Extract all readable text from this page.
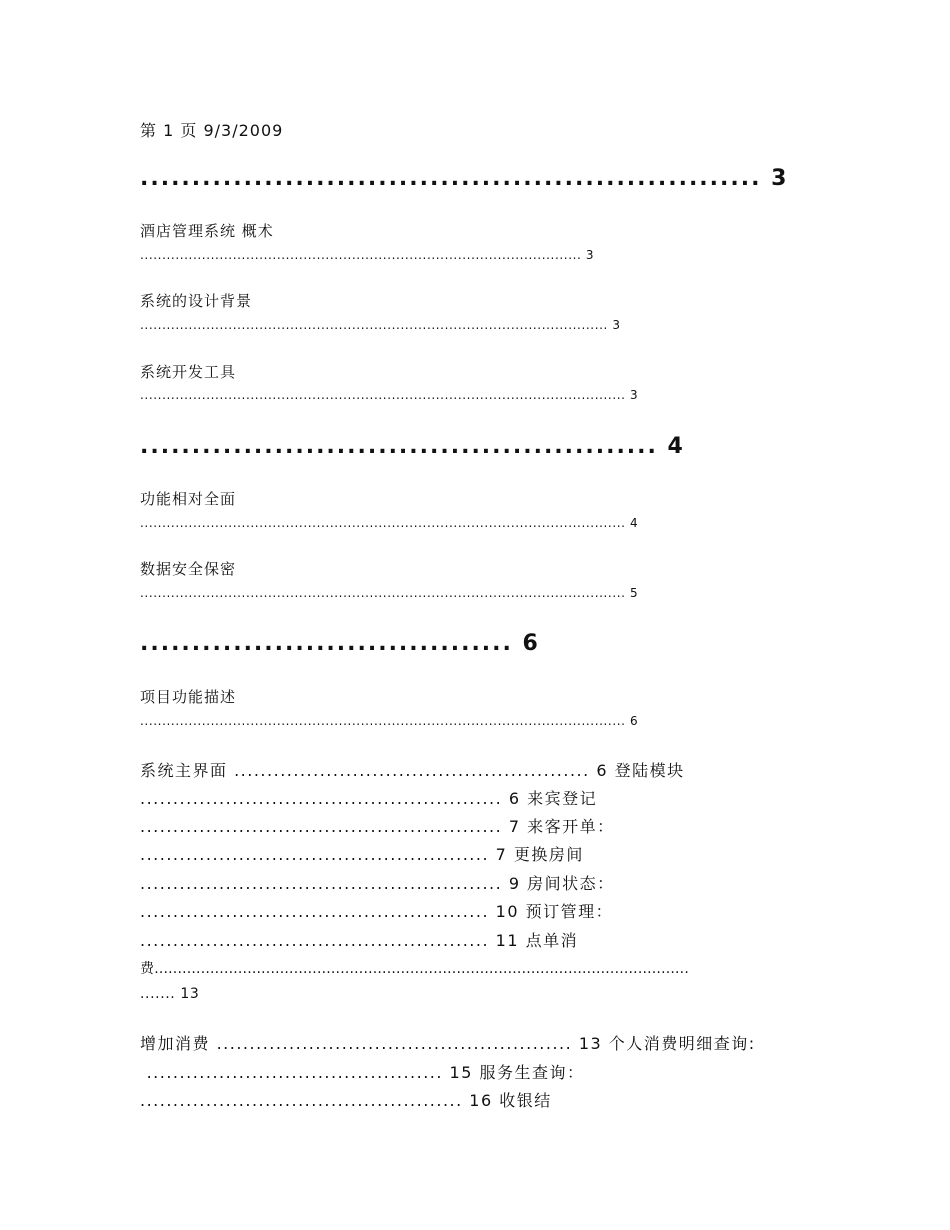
第 1 页 9/3/2009
............................................................ 3
酒店管理系统 概术
.................................................................................................... 3
系统的设计背景
.......................................................................................................... 3
系统开发工具
.............................................................................................................. 3
.................................................. 4
功能相对全面
.............................................................................................................. 4
数据安全保密
.............................................................................................................. 5
.................................... 6
项目功能描述
.............................................................................................................. 6
系统主界面 ...................................................... 6 登陆模块
....................................................... 6 来宾登记
....................................................... 7 来客开单：
..................................................... 7 更换房间
....................................................... 9 房间状态：
..................................................... 10 预订管理：
..................................................... 11 点单消
费...................................................................................................................
....... 13
增加消费 ...................................................... 13 个人消费明细查询:
............................................. 15 服务生查询：
................................................. 16 收银结
